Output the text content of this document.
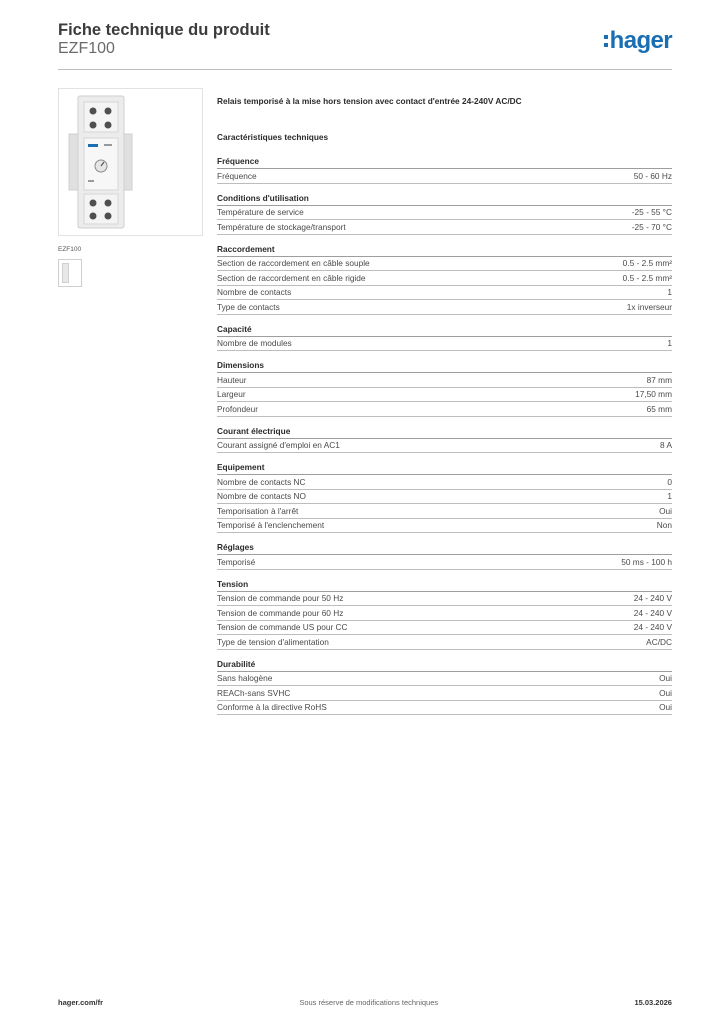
Fiche technique du produit
EZF100	hager
EZF100
Relais temporisé à la mise hors tension avec contact d'entrée 24-240V AC/DC
Caractéristiques techniques
Fréquence
Fréquence	50 - 60 Hz
Conditions d'utilisation
Température de service	-25 - 55 °C
Température de stockage/transport	-25 - 70 °C
Raccordement
Section de raccordement en câble souple	0.5 - 2.5 mm²
Section de raccordement en câble rigide	0.5 - 2.5 mm²
Nombre de contacts	1
Type de contacts	1x inverseur
Capacité
Nombre de modules	1
Dimensions
Hauteur	87 mm
Largeur	17,50 mm
Profondeur	65 mm
Courant électrique
Courant assigné d'emploi en AC1	8 A
Equipement
Nombre de contacts NC	0
Nombre de contacts NO	1
Temporisation à l'arrêt	Oui
Temporisé à l'enclenchement	Non
Réglages
Temporisé	50 ms - 100 h
Tension
Tension de commande pour 50 Hz	24 - 240 V
Tension de commande pour 60 Hz	24 - 240 V
Tension de commande US pour CC	24 - 240 V
Type de tension d'alimentation	AC/DC
Durabilité
Sans halogène	Oui
REACh-sans SVHC	Oui
Conforme à la directive RoHS	Oui
hager.com/fr	Sous réserve de modifications techniques	15.03.2026
